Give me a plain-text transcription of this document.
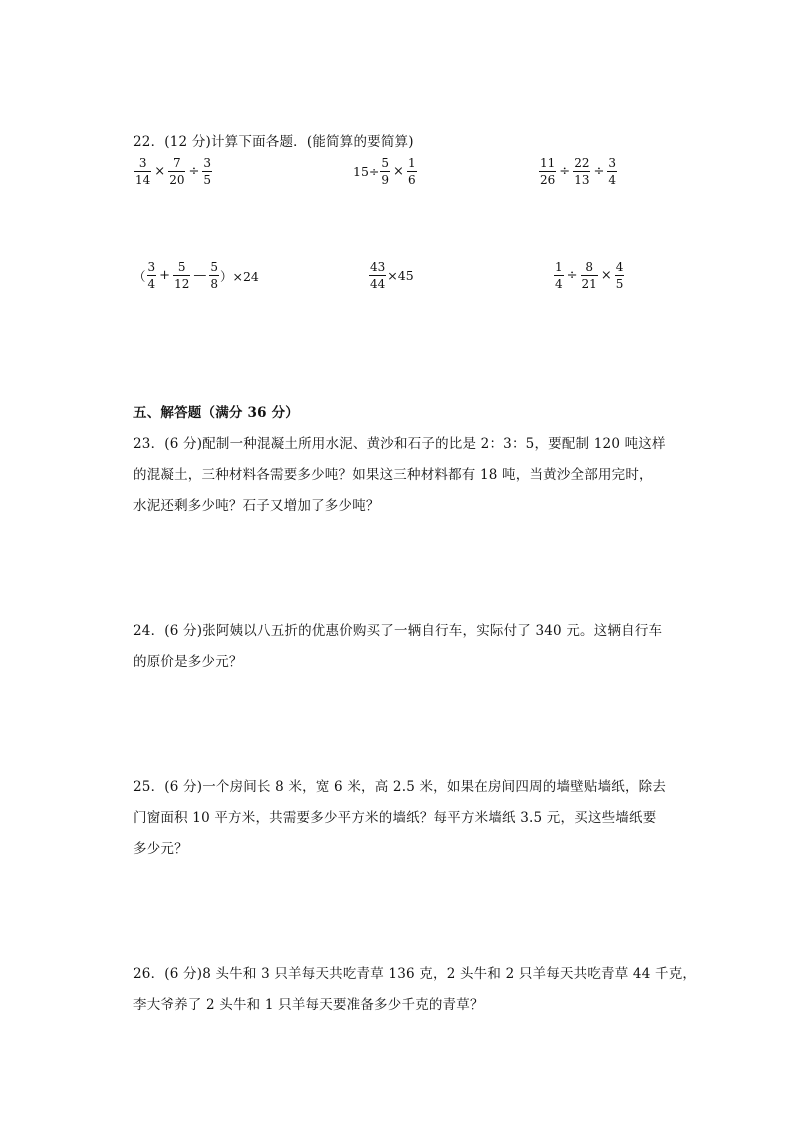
22．(12 分)计算下面各题．(能简算的要简算)
$\frac{3}{14} \times \frac{7}{20} \div \frac{3}{5}$	$15\div \frac{5}{9} \times \frac{1}{6}$	$\frac{11}{26} \div \frac{22}{13} \div \frac{3}{4}$
（ $\frac{3}{4} + \frac{5}{12}$ — $\frac{5}{8} )\times 24$	$\frac{43}{44} \times 45$	$\frac{1}{4} \div \frac{8}{21} \times \frac{4}{5}$
五、解答题（满分 36 分）
23．(6 分)配制一种混凝土所用水泥、黄沙和石子的比是 2：3：5，要配制 120 吨这样
的混凝土，三种材料各需要多少吨？如果这三种材料都有 18 吨，当黄沙全部用完时，
水泥还剩多少吨？石子又增加了多少吨？
24．(6 分)张阿姨以八五折的优惠价购买了一辆自行车，实际付了 340 元。这辆自行车
的原价是多少元？
25．(6 分)一个房间长 8 米，宽 6 米，高 2.5 米，如果在房间四周的墙壁贴墙纸，除去
门窗面积 10 平方米，共需要多少平方米的墙纸？每平方米墙纸 3.5 元，买这些墙纸要
多少元？
26．(6 分)8 头牛和 3 只羊每天共吃青草 136 克，2 头牛和 2 只羊每天共吃青草 44 千克，
李大爷养了 2 头牛和 1 只羊每天要准备多少千克的青草？
